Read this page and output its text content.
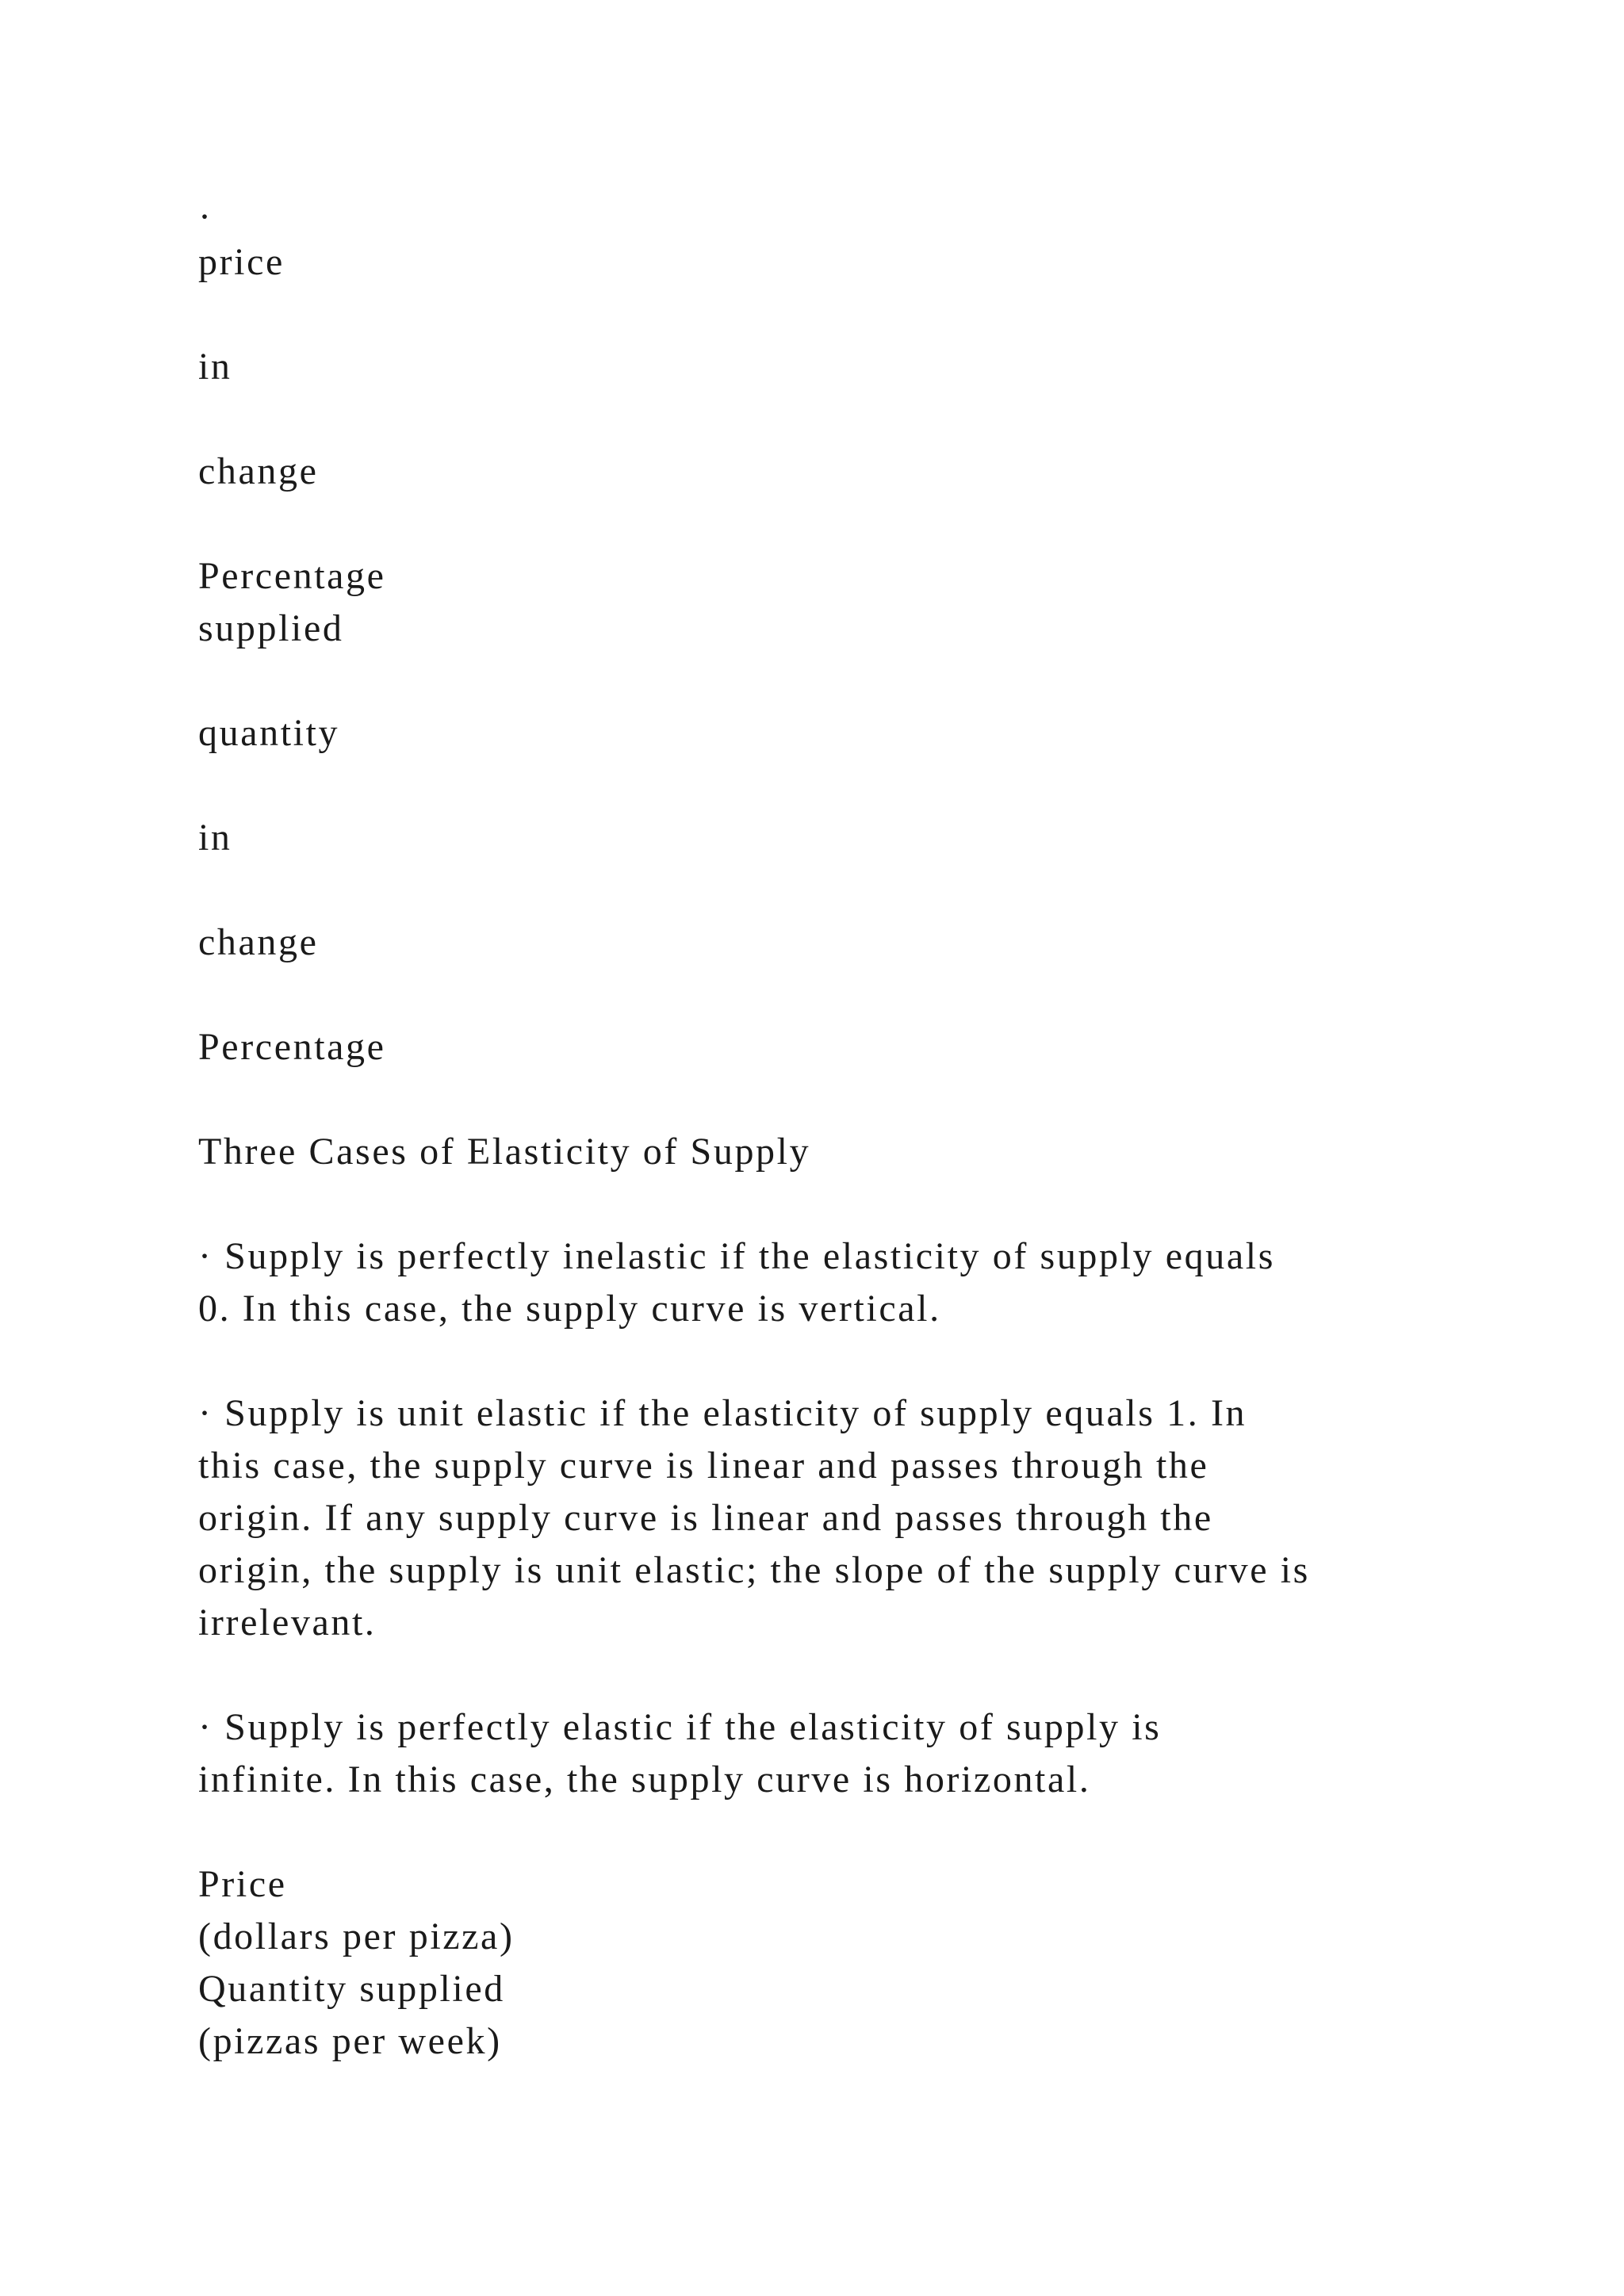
·

price

in

change

Percentage

supplied

quantity

in

change

Percentage

Three Cases of Elasticity of Supply

· Supply is perfectly inelastic if the elasticity of supply equals

0. In this case, the supply curve is vertical.

· Supply is unit elastic if the elasticity of supply equals 1. In

this case, the supply curve is linear and passes through the

origin. If any supply curve is linear and passes through the

origin, the supply is unit elastic; the slope of the supply curve is

irrelevant.

· Supply is perfectly elastic if the elasticity of supply is

infinite. In this case, the supply curve is horizontal.

Price

(dollars per pizza)

Quantity supplied

(pizzas per week)
